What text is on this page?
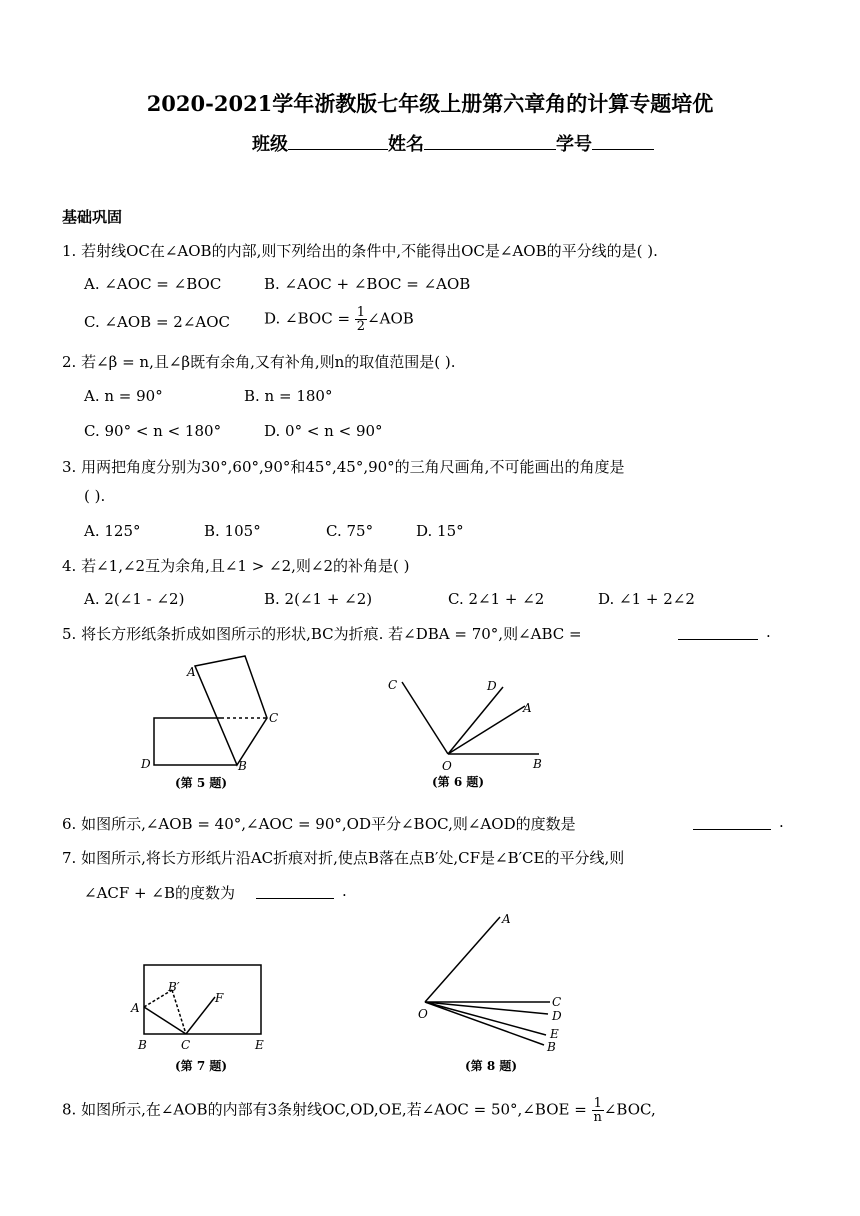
2020-2021学年浙教版七年级上册第六章角的计算专题培优
班级	姓名	学号
基础巩固
1. 若射线OC在∠AOB的内部,则下列给出的条件中,不能得出OC是∠AOB的平分线的是( ).
A. ∠AOC = ∠BOC	B. ∠AOC + ∠BOC = ∠AOB
C. ∠AOB = 2∠AOC D. ∠BOC = $\frac{1}{2}$ ∠AOB
2. 若∠β = n,且∠β既有余角,又有补角,则n的取值范围是( ).
A. n = 90°	B. n = 180°
C. 90° < n < 180°	D. 0° < n < 90°
3. 用两把角度分别为30°,60°,90°和45°,45°,90°的三角尺画角,不可能画出的角度是
( ).
A. 125°	B. 105°	C. 75°	D. 15°
4. 若∠1,∠2互为余角,且∠1 > ∠2,则∠2的补角是( )
A. 2(∠1 - ∠2)	B. 2(∠1 + ∠2)	C. 2∠1 + ∠2	D. ∠1 + 2∠2
5. 将长方形纸条折成如图所示的形状,BC为折痕. 若∠DBA = 70°,则∠ABC =	.
A
C
D	B
(第 5 题)
C	D
A
O	B
(第 6 题)
6. 如图所示,∠AOB = 40°,∠AOC = 90°,OD平分∠BOC,则∠AOD的度数是	.
7. 如图所示,将长方形纸片沿AC折痕对折,使点B落在点B′处,CF是∠B′CE的平分线,则
∠ACF + ∠B的度数为	.
B′
F
A
B	C	E
(第 7 题)
A
O
C
D
E
B
(第 8 题)
8. 如图所示,在∠AOB的内部有3条射线OC,OD,OE,若∠AOC = 50°,∠BOE = $\frac{1}{n}$ ∠BOC,
